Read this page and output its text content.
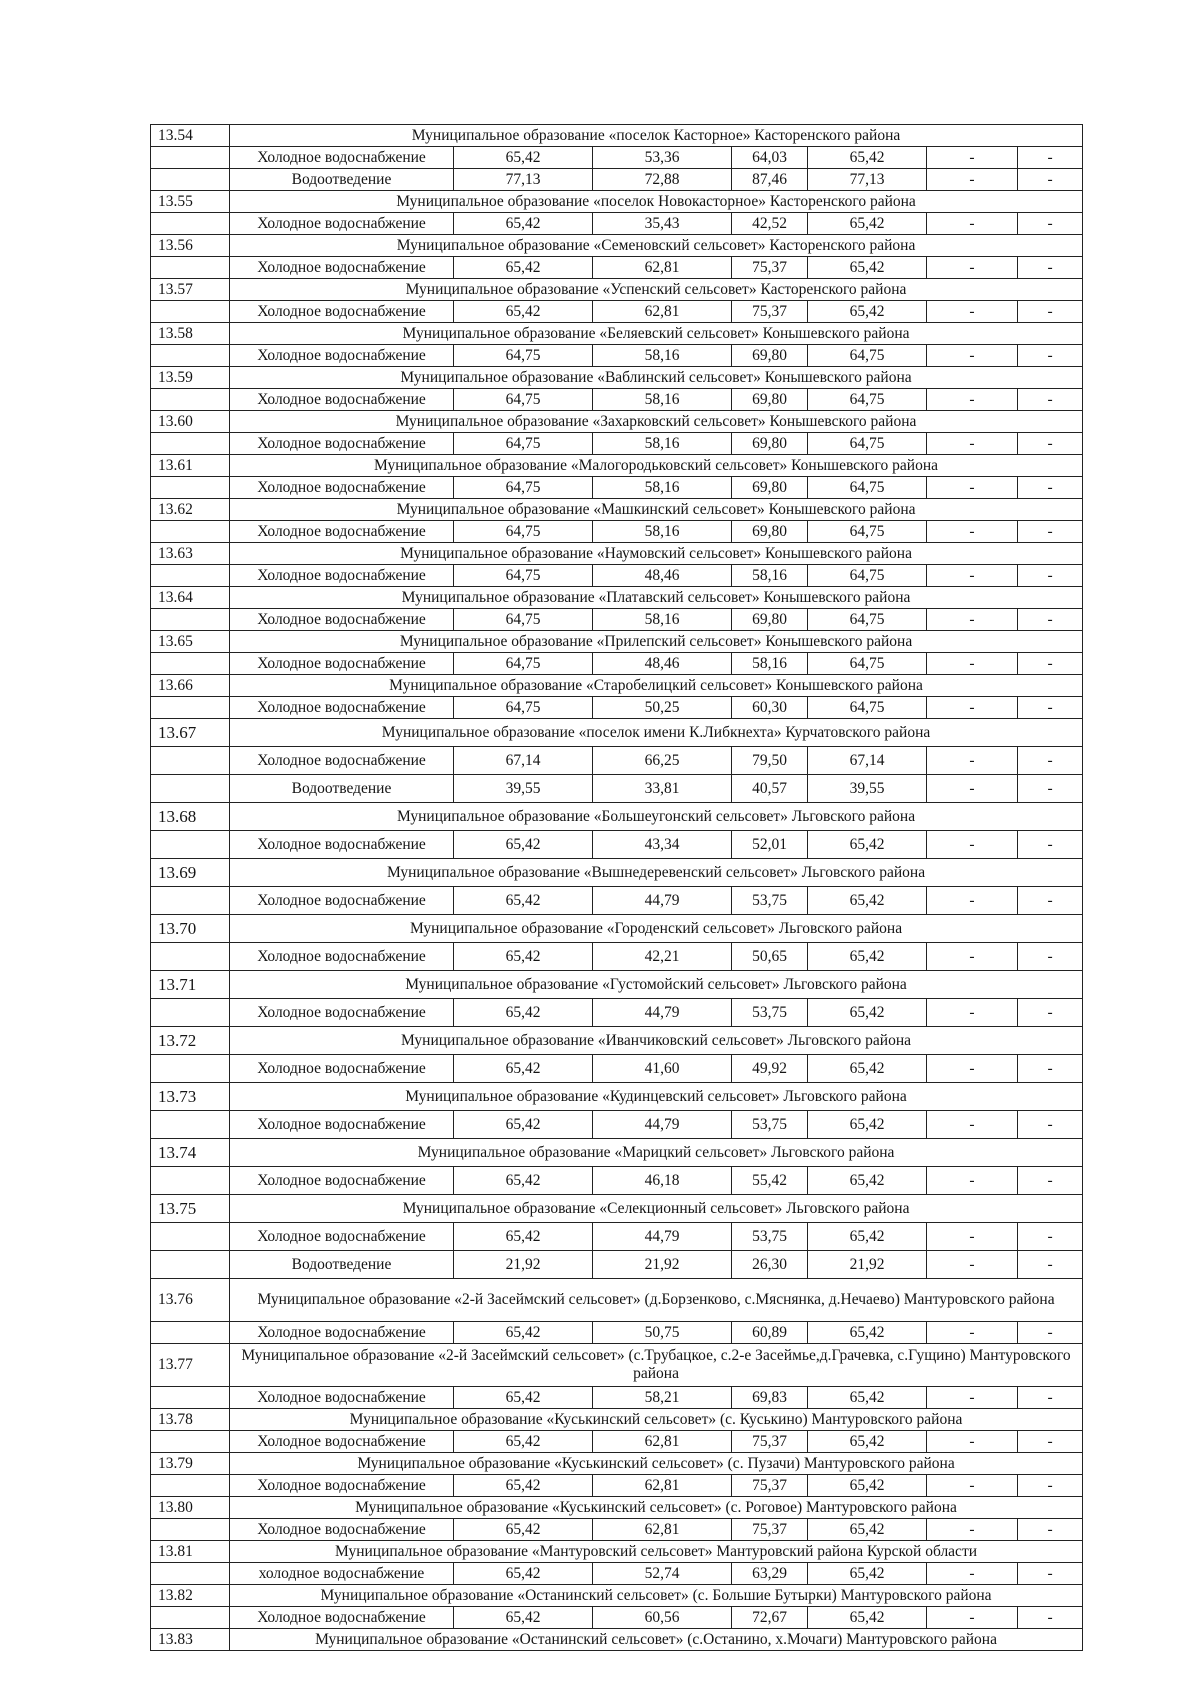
13.54	Муниципальное образование «поселок Касторное» Касторенского района						
	Холодное водоснабжение	65,42	53,36	64,03	65,42	-	-
	Водоотведение	77,13	72,88	87,46	77,13	-	-
13.55	Муниципальное образование «поселок Новокасторное» Касторенского района						
	Холодное водоснабжение	65,42	35,43	42,52	65,42	-	-
13.56	Муниципальное образование «Семеновский сельсовет» Касторенского района						
	Холодное водоснабжение	65,42	62,81	75,37	65,42	-	-
13.57	Муниципальное образование «Успенский сельсовет» Касторенского района						
	Холодное водоснабжение	65,42	62,81	75,37	65,42	-	-
13.58	Муниципальное образование «Беляевский сельсовет» Конышевского района						
	Холодное водоснабжение	64,75	58,16	69,80	64,75	-	-
13.59	Муниципальное образование «Ваблинский сельсовет» Конышевского района						
	Холодное водоснабжение	64,75	58,16	69,80	64,75	-	-
13.60	Муниципальное образование «Захарковский сельсовет» Конышевского района						
	Холодное водоснабжение	64,75	58,16	69,80	64,75	-	-
13.61	Муниципальное образование «Малогородьковский сельсовет» Конышевского района						
	Холодное водоснабжение	64,75	58,16	69,80	64,75	-	-
13.62	Муниципальное образование «Машкинский сельсовет» Конышевского района						
	Холодное водоснабжение	64,75	58,16	69,80	64,75	-	-
13.63	Муниципальное образование «Наумовский сельсовет» Конышевского района						
	Холодное водоснабжение	64,75	48,46	58,16	64,75	-	-
13.64	Муниципальное образование «Платавский сельсовет» Конышевского района						
	Холодное водоснабжение	64,75	58,16	69,80	64,75	-	-
13.65	Муниципальное образование «Прилепский сельсовет» Конышевского района						
	Холодное водоснабжение	64,75	48,46	58,16	64,75	-	-
13.66	Муниципальное образование «Старобелицкий сельсовет» Конышевского района						
	Холодное водоснабжение	64,75	50,25	60,30	64,75	-	-
13.67	Муниципальное образование «поселок имени К.Либкнехта» Курчатовского района						
	Холодное водоснабжение	67,14	66,25	79,50	67,14	-	-
	Водоотведение	39,55	33,81	40,57	39,55	-	-
13.68	Муниципальное образование «Большеугонский сельсовет» Льговского района						
	Холодное водоснабжение	65,42	43,34	52,01	65,42	-	-
13.69	Муниципальное образование «Вышнедеревенский сельсовет» Льговского района						
	Холодное водоснабжение	65,42	44,79	53,75	65,42	-	-
13.70	Муниципальное образование «Городенский сельсовет» Льговского района						
	Холодное водоснабжение	65,42	42,21	50,65	65,42	-	-
13.71	Муниципальное образование «Густомойский сельсовет» Льговского района						
	Холодное водоснабжение	65,42	44,79	53,75	65,42	-	-
13.72	Муниципальное образование «Иванчиковский сельсовет» Льговского района						
	Холодное водоснабжение	65,42	41,60	49,92	65,42	-	-
13.73	Муниципальное образование «Кудинцевский сельсовет» Льговского района						
	Холодное водоснабжение	65,42	44,79	53,75	65,42	-	-
13.74	Муниципальное образование «Марицкий сельсовет» Льговского района						
	Холодное водоснабжение	65,42	46,18	55,42	65,42	-	-
13.75	Муниципальное образование «Селекционный сельсовет» Льговского района						
	Холодное водоснабжение	65,42	44,79	53,75	65,42	-	-
	Водоотведение	21,92	21,92	26,30	21,92	-	-
13.76	Муниципальное образование «2-й Засеймский сельсовет» (д.Борзенково, с.Мяснянка, д.Нечаево) Мантуровского района						
	Холодное водоснабжение	65,42	50,75	60,89	65,42	-	-
13.77	Муниципальное образование «2-й Засеймский сельсовет» (с.Трубацкое, с.2-е Засеймье,д.Грачевка, с.Гущино) Мантуровского района						
	Холодное водоснабжение	65,42	58,21	69,83	65,42	-	-
13.78	Муниципальное образование «Куськинский сельсовет» (с. Куськино) Мантуровского района						
	Холодное водоснабжение	65,42	62,81	75,37	65,42	-	-
13.79	Муниципальное образование «Куськинский сельсовет» (с. Пузачи) Мантуровского района						
	Холодное водоснабжение	65,42	62,81	75,37	65,42	-	-
13.80	Муниципальное образование «Куськинский сельсовет» (с. Роговое) Мантуровского района						
	Холодное водоснабжение	65,42	62,81	75,37	65,42	-	-
13.81	Муниципальное образование «Мантуровский сельсовет» Мантуровский района Курской области						
	холодное водоснабжение	65,42	52,74	63,29	65,42	-	-
13.82	Муниципальное образование «Останинский сельсовет» (с. Большие Бутырки) Мантуровского района						
	Холодное водоснабжение	65,42	60,56	72,67	65,42	-	-
13.83	Муниципальное образование «Останинский сельсовет» (с.Останино, х.Мочаги) Мантуровского района						
